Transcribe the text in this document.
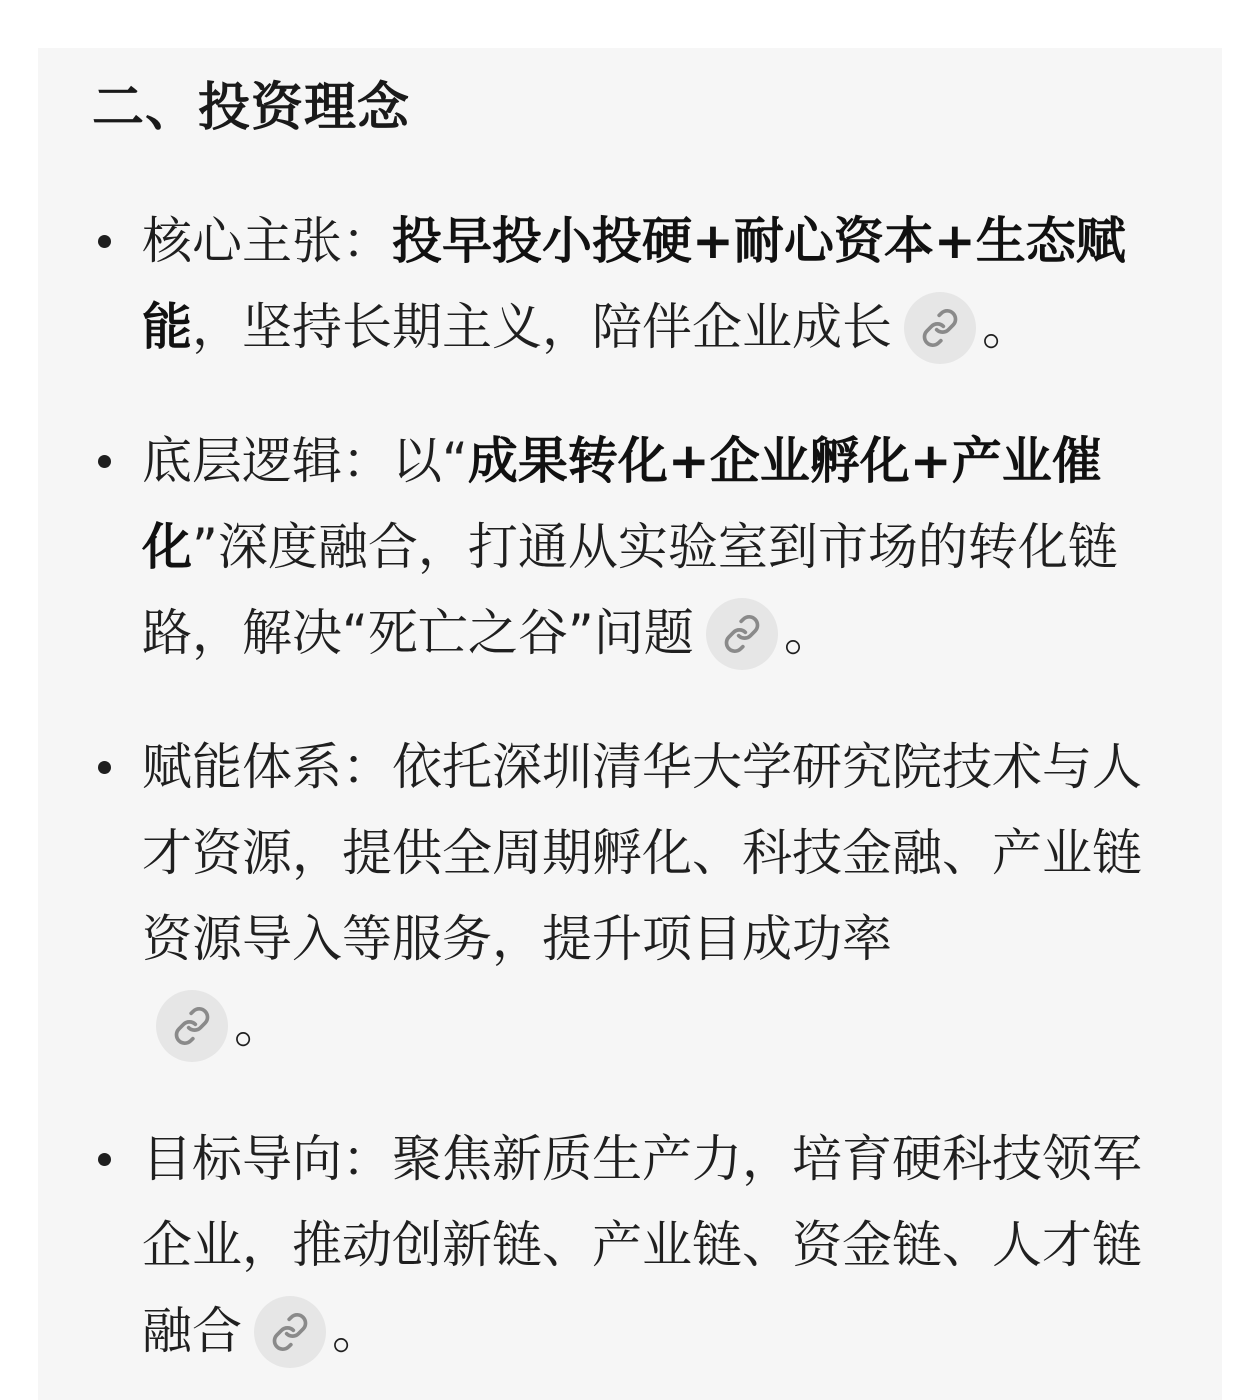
二、投资理念
核心主张：投早投小投硬+耐心资本+生态赋能，坚持长期主义，陪伴企业成长 。
底层逻辑：以“成果转化+企业孵化+产业催化”深度融合，打通从实验室到市场的转化链路，解决“死亡之谷”问题 。
赋能体系：依托深圳清华大学研究院技术与人才资源，提供全周期孵化、科技金融、产业链资源导入等服务，提升项目成功率
。
目标导向：聚焦新质生产力，培育硬科技领军企业，推动创新链、产业链、资金链、人才链融合 。
